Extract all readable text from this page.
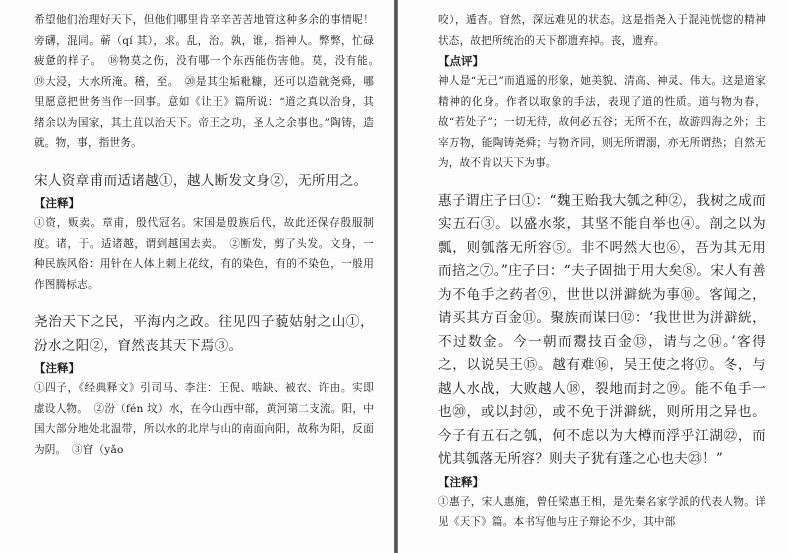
希望他们治理好天下，但他们哪里肯辛辛苦苦地管这种多余的事情呢！旁礴，混同。蕲（qí 其），求。乱，治。孰，谁，指神人。弊弊，忙碌疲惫的样子。　⑱物莫之伤，没有哪一个东西能伤害他。莫，没有能。　⑲大浸，大水所淹。稽，至。　⑳是其尘垢粃糠，还可以造就尧舜，哪里愿意把世务当作一回事。意如《让王》篇所说：“道之真以治身，其绪余以为国家，其土苴以治天下。帝王之功，圣人之余事也。”陶铸，造就。物，事，指世务。

宋人资章甫而适诸越①，越人断发文身②，无所用之。

【注释】

①资，贩卖。章甫，殷代冠名。宋国是殷族后代，故此还保存殷服制度。诸，于。适诸越，谓到越国去卖。　②断发，剪了头发。文身，一种民族风俗：用针在人体上刺上花纹，有的染色，有的不染色，一般用作图腾标志。

尧治天下之民，平海内之政。往见四子藐姑射之山①，汾水之阳②，窅然丧其天下焉③。

【注释】

①四子，《经典释文》引司马、李注：王倪、啮缺、被衣、许由。实即虚设人物。　②汾（fén 坟）水，在今山西中部，黄河第二支流。阳，中国大部分地处北温带，所以水的北岸与山的南面向阳，故称为阳，反面为阴。　③窅（yǎo

咬），遁杳。窅然，深远难见的状态。这是指尧入于混沌恍惚的精神状态，故把所统治的天下都遗弃掉。丧，遗弃。

【点评】

神人是“无己”而逍遥的形象，她美貌、清高、神灵、伟大。这是道家精神的化身。作者以取象的手法，表现了道的性质。道与物为春，故“若处子”；一切无待，故何必五谷；无所不在，故游四海之外；主宰万物，能陶铸尧舜；与物齐同，则无所谓溺，亦无所谓热；自然无为，故不肯以天下为事。

惠子谓庄子曰①：“魏王贻我大瓠之种②，我树之成而实五石③。以盛水浆，其坚不能自举也④。剖之以为瓢，则瓠落无所容⑤。非不呺然大也⑥，吾为其无用而掊之⑦。”庄子曰：“夫子固拙于用大矣⑧。宋人有善为不龟手之药者⑨，世世以洴澼絖为事⑩。客闻之，请买其方百金⑪。聚族而谋曰⑫：‘我世世为洴澼絖，不过数金。今一朝而鬻技百金⑬，请与之⑭。’客得之，以说吴王⑮。越有难⑯，吴王使之将⑰。冬，与越人水战，大败越人⑱，裂地而封之⑲。能不龟手一也⑳，或以封㉑，或不免于洴澼絖，则所用之异也。今子有五石之瓠，何不虑以为大樽而浮乎江湖㉒，而忧其瓠落无所容？则夫子犹有蓬之心也夫㉓！”

【注释】

①惠子，宋人惠施，曾任梁惠王相，是先秦名家学派的代表人物。详见《天下》篇。本书写他与庄子辩论不少，其中部
